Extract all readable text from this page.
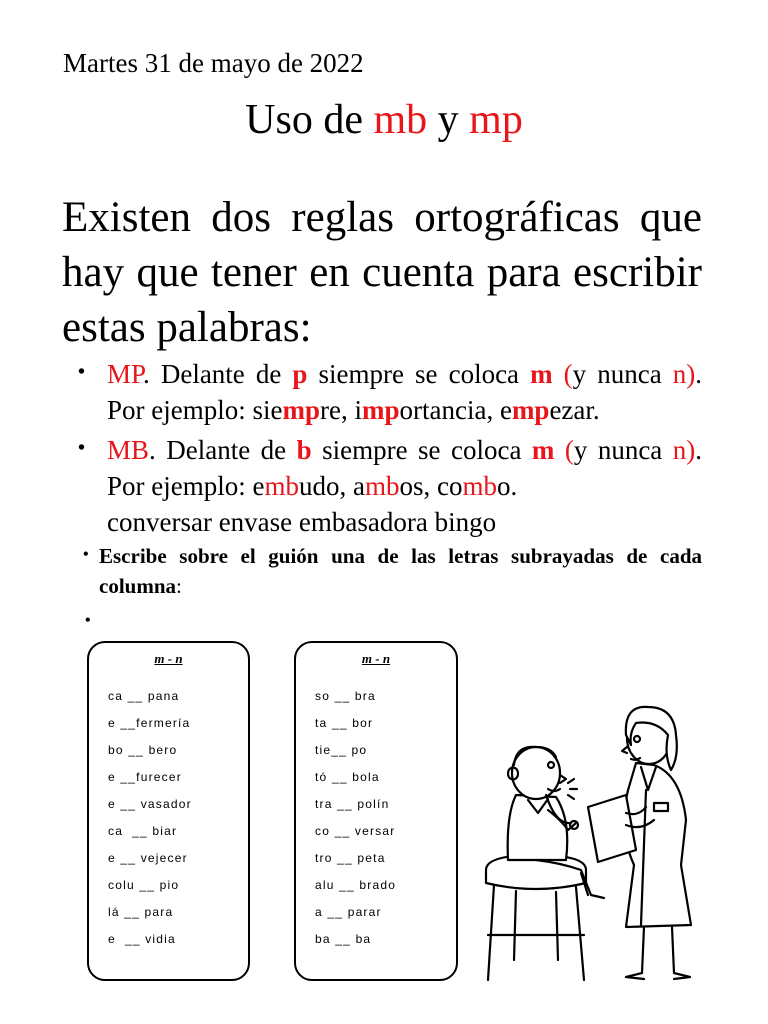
Martes 31 de mayo de 2022
Uso de mb y mp
Existen dos reglas ortográficas que hay que tener en cuenta para escribir estas palabras:
• MP. Delante de p siempre se coloca m (y nunca n). Por ejemplo: siempre, importancia, empezar.
• MB. Delante de b siempre se coloca m (y nunca n). Por ejemplo: embudo, ambos, combo.
conversar envase embasadora bingo
• Escribe sobre el guión una de las letras subrayadas de cada columna:
•
m - n
ca __ pana
e __fermería
bo __ bero
e __furecer
e __ vasador
ca  __ biar
e __ vejecer
colu __ pio
lá __ para
e  __ vidia
m - n
so __ bra
ta __ bor
tie__ po
tó __ bola
tra __ polín
co __ versar
tro __ peta
alu __ brado
a __ parar
ba __ ba
